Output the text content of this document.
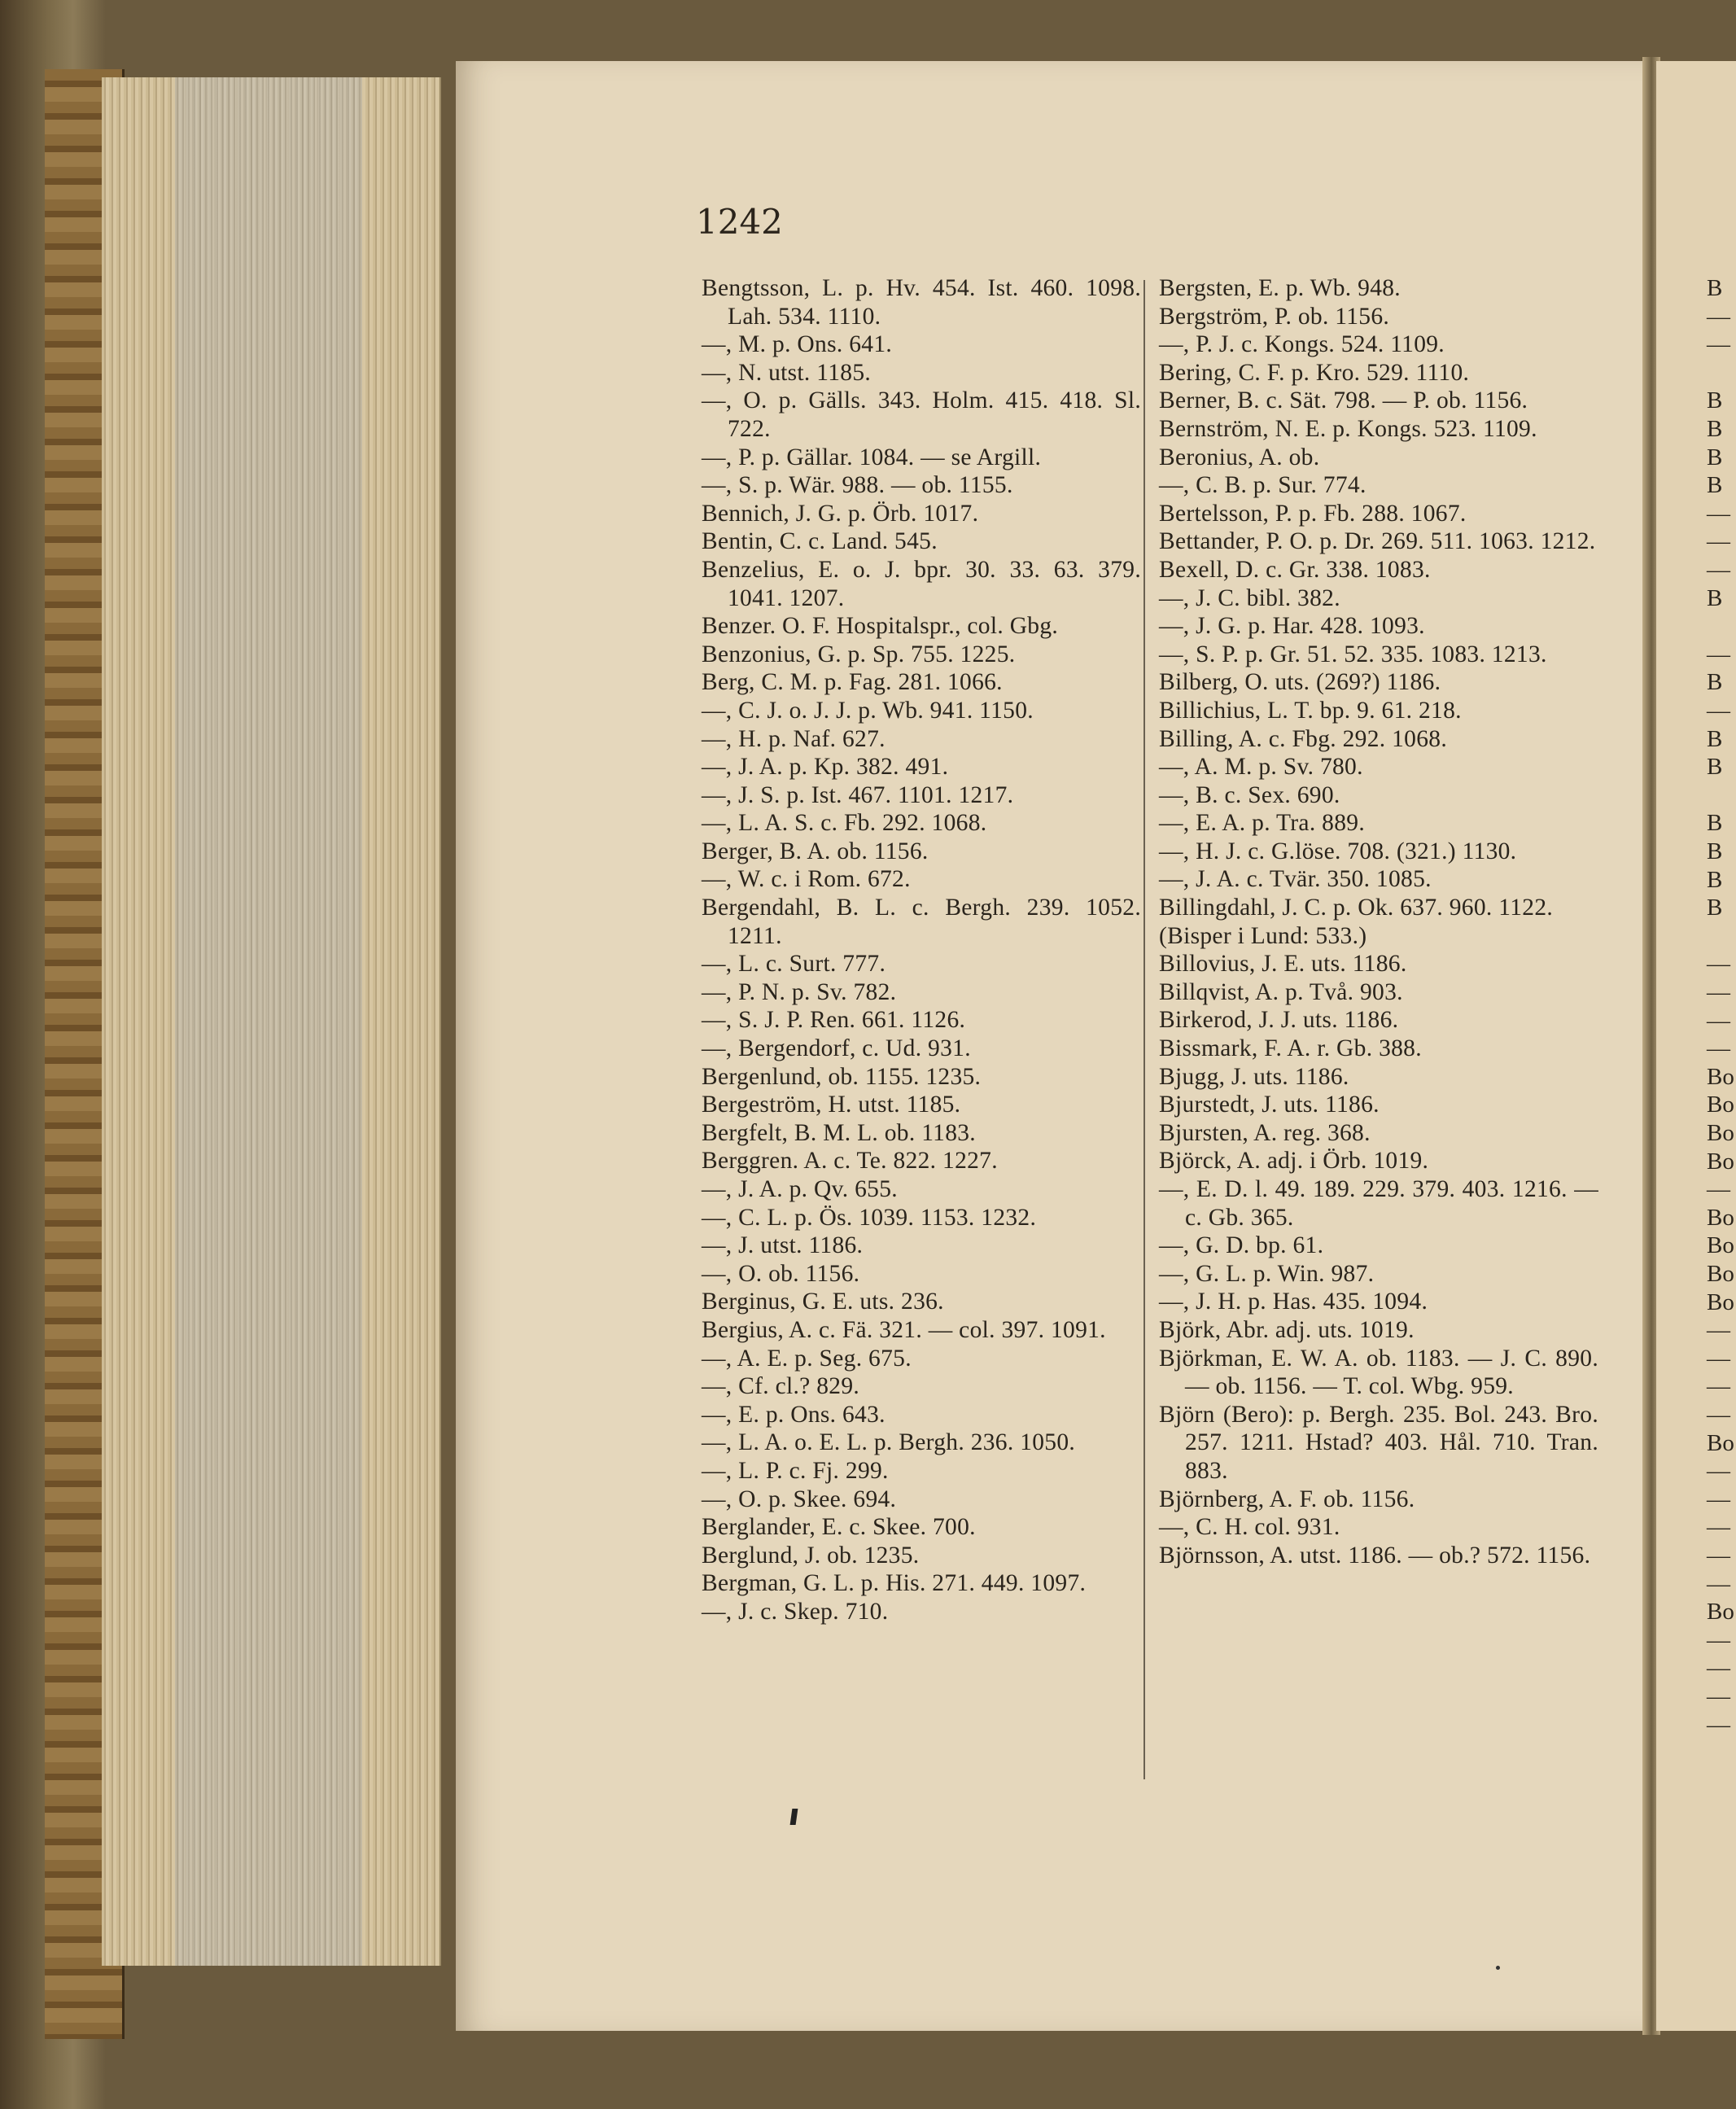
1242
Bengtsson, L. p. Hv. 454. Ist. 460. 1098. Lah. 534. 1110.
—, M. p. Ons. 641.
—, N. utst. 1185.
—, O. p. Gälls. 343. Holm. 415. 418. Sl. 722.
—, P. p. Gällar. 1084. — se Argill.
—, S. p. Wär. 988. — ob. 1155.
Bennich, J. G. p. Örb. 1017.
Bentin, C. c. Land. 545.
Benzelius, E. o. J. bpr. 30. 33. 63. 379. 1041. 1207.
Benzer. O. F. Hospitalspr., col. Gbg.
Benzonius, G. p. Sp. 755. 1225.
Berg, C. M. p. Fag. 281. 1066.
—, C. J. o. J. J. p. Wb. 941. 1150.
—, H. p. Naf. 627.
—, J. A. p. Kp. 382. 491.
—, J. S. p. Ist. 467. 1101. 1217.
—, L. A. S. c. Fb. 292. 1068.
Berger, B. A. ob. 1156.
—, W. c. i Rom. 672.
Bergendahl, B. L. c. Bergh. 239. 1052. 1211.
—, L. c. Surt. 777.
—, P. N. p. Sv. 782.
—, S. J. P. Ren. 661. 1126.
—, Bergendorf, c. Ud. 931.
Bergenlund, ob. 1155. 1235.
Bergeström, H. utst. 1185.
Bergfelt, B. M. L. ob. 1183.
Berggren. A. c. Te. 822. 1227.
—, J. A. p. Qv. 655.
—, C. L. p. Ös. 1039. 1153. 1232.
—, J. utst. 1186.
—, O. ob. 1156.
Berginus, G. E. uts. 236.
Bergius, A. c. Fä. 321. — col. 397. 1091.
—, A. E. p. Seg. 675.
—, Cf. cl.? 829.
—, E. p. Ons. 643.
—, L. A. o. E. L. p. Bergh. 236. 1050.
—, L. P. c. Fj. 299.
—, O. p. Skee. 694.
Berglander, E. c. Skee. 700.
Berglund, J. ob. 1235.
Bergman, G. L. p. His. 271. 449. 1097.
—, J. c. Skep. 710.
Bergsten, E. p. Wb. 948.
Bergström, P. ob. 1156.
—, P. J. c. Kongs. 524. 1109.
Bering, C. F. p. Kro. 529. 1110.
Berner, B. c. Sät. 798. — P. ob. 1156.
Bernström, N. E. p. Kongs. 523. 1109.
Beronius, A. ob.
—, C. B. p. Sur. 774.
Bertelsson, P. p. Fb. 288. 1067.
Bettander, P. O. p. Dr. 269. 511. 1063. 1212.
Bexell, D. c. Gr. 338. 1083.
—, J. C. bibl. 382.
—, J. G. p. Har. 428. 1093.
—, S. P. p. Gr. 51. 52. 335. 1083. 1213.
Bilberg, O. uts. (269?) 1186.
Billichius, L. T. bp. 9. 61. 218.
Billing, A. c. Fbg. 292. 1068.
—, A. M. p. Sv. 780.
—, B. c. Sex. 690.
—, E. A. p. Tra. 889.
—, H. J. c. G.löse. 708. (321.) 1130.
—, J. A. c. Tvär. 350. 1085.
Billingdahl, J. C. p. Ok. 637. 960. 1122.
(Bisper i Lund: 533.)
Billovius, J. E. uts. 1186.
Billqvist, A. p. Två. 903.
Birkerod, J. J. uts. 1186.
Bissmark, F. A. r. Gb. 388.
Bjugg, J. uts. 1186.
Bjurstedt, J. uts. 1186.
Bjursten, A. reg. 368.
Björck, A. adj. i Örb. 1019.
—, E. D. l. 49. 189. 229. 379. 403. 1216. — c. Gb. 365.
—, G. D. bp. 61.
—, G. L. p. Win. 987.
—, J. H. p. Has. 435. 1094.
Björk, Abr. adj. uts. 1019.
Björkman, E. W. A. ob. 1183. — J. C. 890. — ob. 1156. — T. col. Wbg. 959.
Björn (Bero): p. Bergh. 235. Bol. 243. Bro. 257. 1211. Hstad? 403. Hål. 710. Tran. 883.
Björnberg, A. F. ob. 1156.
—, C. H. col. 931.
Björnsson, A. utst. 1186. — ob.? 572. 1156.
B
—
—
B
B
B
B
—
—
—
B
—
B
—
B
B
B
B
B
B
—
—
—
—
Bo
Bo
Bo
Bo
—
Bo
Bo
Bo
Bo
—
—
—
—
Bo
—
—
—
—
—
Bo
—
—
—
—
